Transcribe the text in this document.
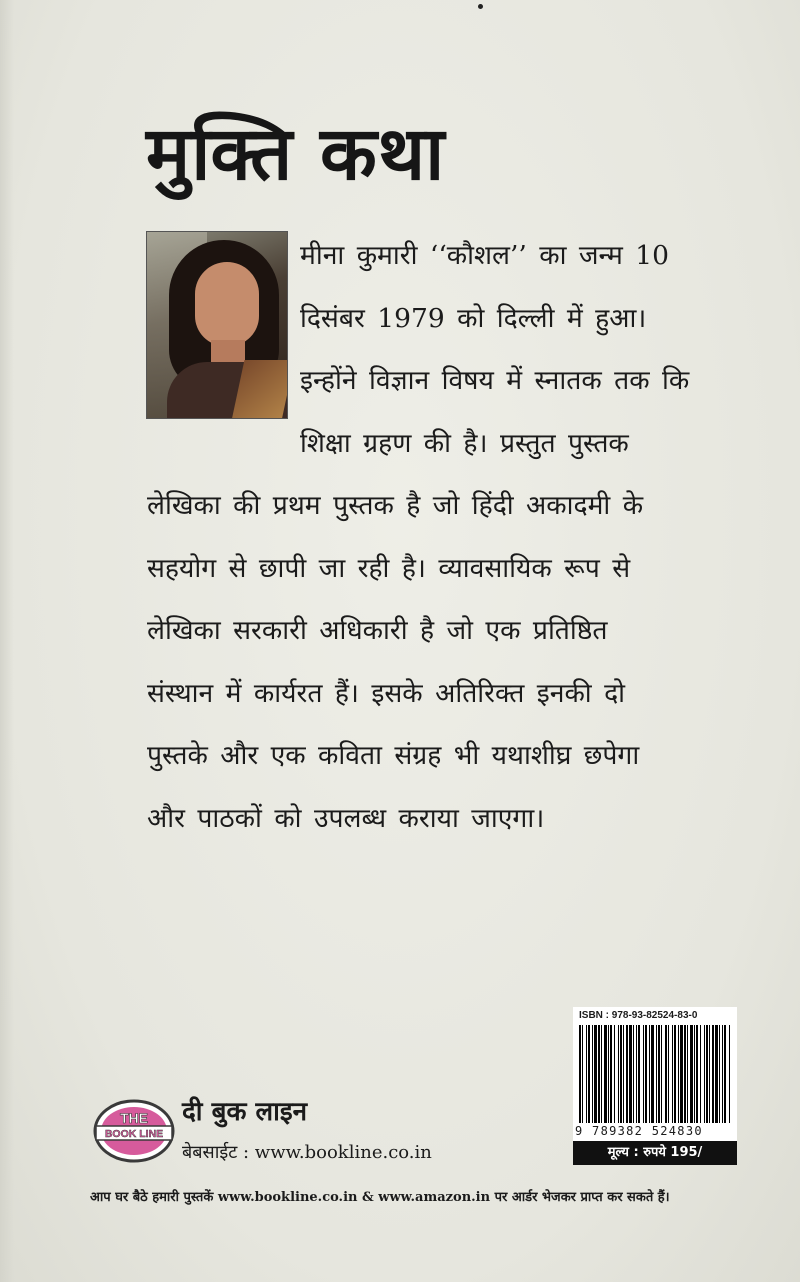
मुक्ति कथा
मीना कुमारी ‘‘कौशल’’ का जन्म 10
दिसंबर 1979 को दिल्ली में हुआ।
इन्होंने विज्ञान विषय में स्नातक तक कि
शिक्षा ग्रहण की है। प्रस्तुत पुस्तक
लेखिका की प्रथम पुस्तक है जो हिंदी अकादमी के
सहयोग से छापी जा रही है। व्यावसायिक रूप से
लेखिका सरकारी अधिकारी है जो एक प्रतिष्ठित
संस्थान में कार्यरत हैं। इसके अतिरिक्त इनकी दो
पुस्तके और एक कविता संग्रह भी यथाशीघ्र छपेगा
और पाठकों को उपलब्ध कराया जाएगा।
ISBN : 978-93-82524-83-0
9 789382 524830
मूल्य : रुपये 195/
THE
BOOK LINE
दी बुक लाइन
बेबसाईट : www.bookline.co.in
आप घर बैठे हमारी पुस्तकें www.bookline.co.in & www.amazon.in पर आर्डर भेजकर प्राप्त कर सकते हैं।
